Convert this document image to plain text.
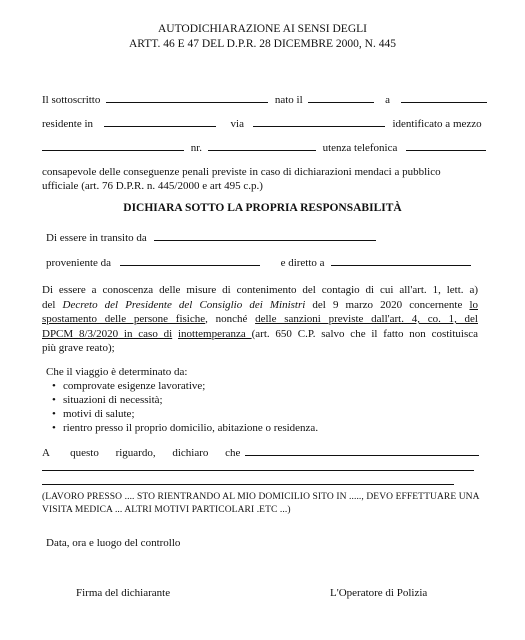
AUTODICHIARAZIONE AI SENSI DEGLI
ARTT. 46 E 47 DEL D.P.R. 28 DICEMBRE 2000, N. 445
Il sottoscritto	nato il	a
residente in	via	identificato a mezzo
nr.	utenza telefonica
consapevole delle conseguenze penali previste in caso di dichiarazioni mendaci a pubblico
ufficiale (art. 76 D.P.R. n. 445/2000 e art 495 c.p.)
DICHIARA SOTTO LA PROPRIA RESPONSABILITÀ
Di essere in transito da
proveniente da	e diretto a
Di essere a conoscenza delle misure di contenimento del contagio di cui all'art. 1, lett. a)
del Decreto del Presidente del Consiglio dei Ministri del 9 marzo 2020 concernente lo
spostamento delle persone fisiche, nonché delle sanzioni previste dall'art. 4, co. 1, del
DPCM 8/3/2020 in caso di inottemperanza (art. 650 C.P. salvo che il fatto non costituisca
più grave reato);
Che il viaggio è determinato da:
• comprovate esigenze lavorative;
• situazioni di necessità;
• motivi di salute;
• rientro presso il proprio domicilio, abitazione o residenza.
A questo riguardo, dichiaro che
(LAVORO PRESSO .... STO RIENTRANDO AL MIO DOMICILIO SITO IN ....., DEVO EFFETTUARE UNA
VISITA MEDICA ... ALTRI MOTIVI PARTICOLARI .ETC ...)
Data, ora e luogo del controllo
Firma del dichiarante	L'Operatore di Polizia
